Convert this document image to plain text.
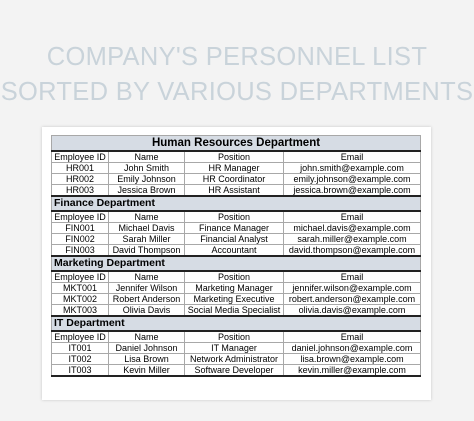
COMPANY'S PERSONNEL LIST
SORTED BY VARIOUS DEPARTMENTS
Human Resources Department			
Employee ID	Name	Position	Email
HR001	John Smith	HR Manager	john.smith@example.com
HR002	Emily Johnson	HR Coordinator	emily.johnson@example.com
HR003	Jessica Brown	HR Assistant	jessica.brown@example.com
Finance Department			
Employee ID	Name	Position	Email
FIN001	Michael Davis	Finance Manager	michael.davis@example.com
FIN002	Sarah Miller	Financial Analyst	sarah.miller@example.com
FIN003	David Thompson	Accountant	david.thompson@example.com
Marketing Department			
Employee ID	Name	Position	Email
MKT001	Jennifer Wilson	Marketing Manager	jennifer.wilson@example.com
MKT002	Robert Anderson	Marketing Executive	robert.anderson@example.com
MKT003	Olivia Davis	Social Media Specialist	olivia.davis@example.com
IT Department			
Employee ID	Name	Position	Email
IT001	Daniel Johnson	IT Manager	daniel.johnson@example.com
IT002	Lisa Brown	Network Administrator	lisa.brown@example.com
IT003	Kevin Miller	Software Developer	kevin.miller@example.com
